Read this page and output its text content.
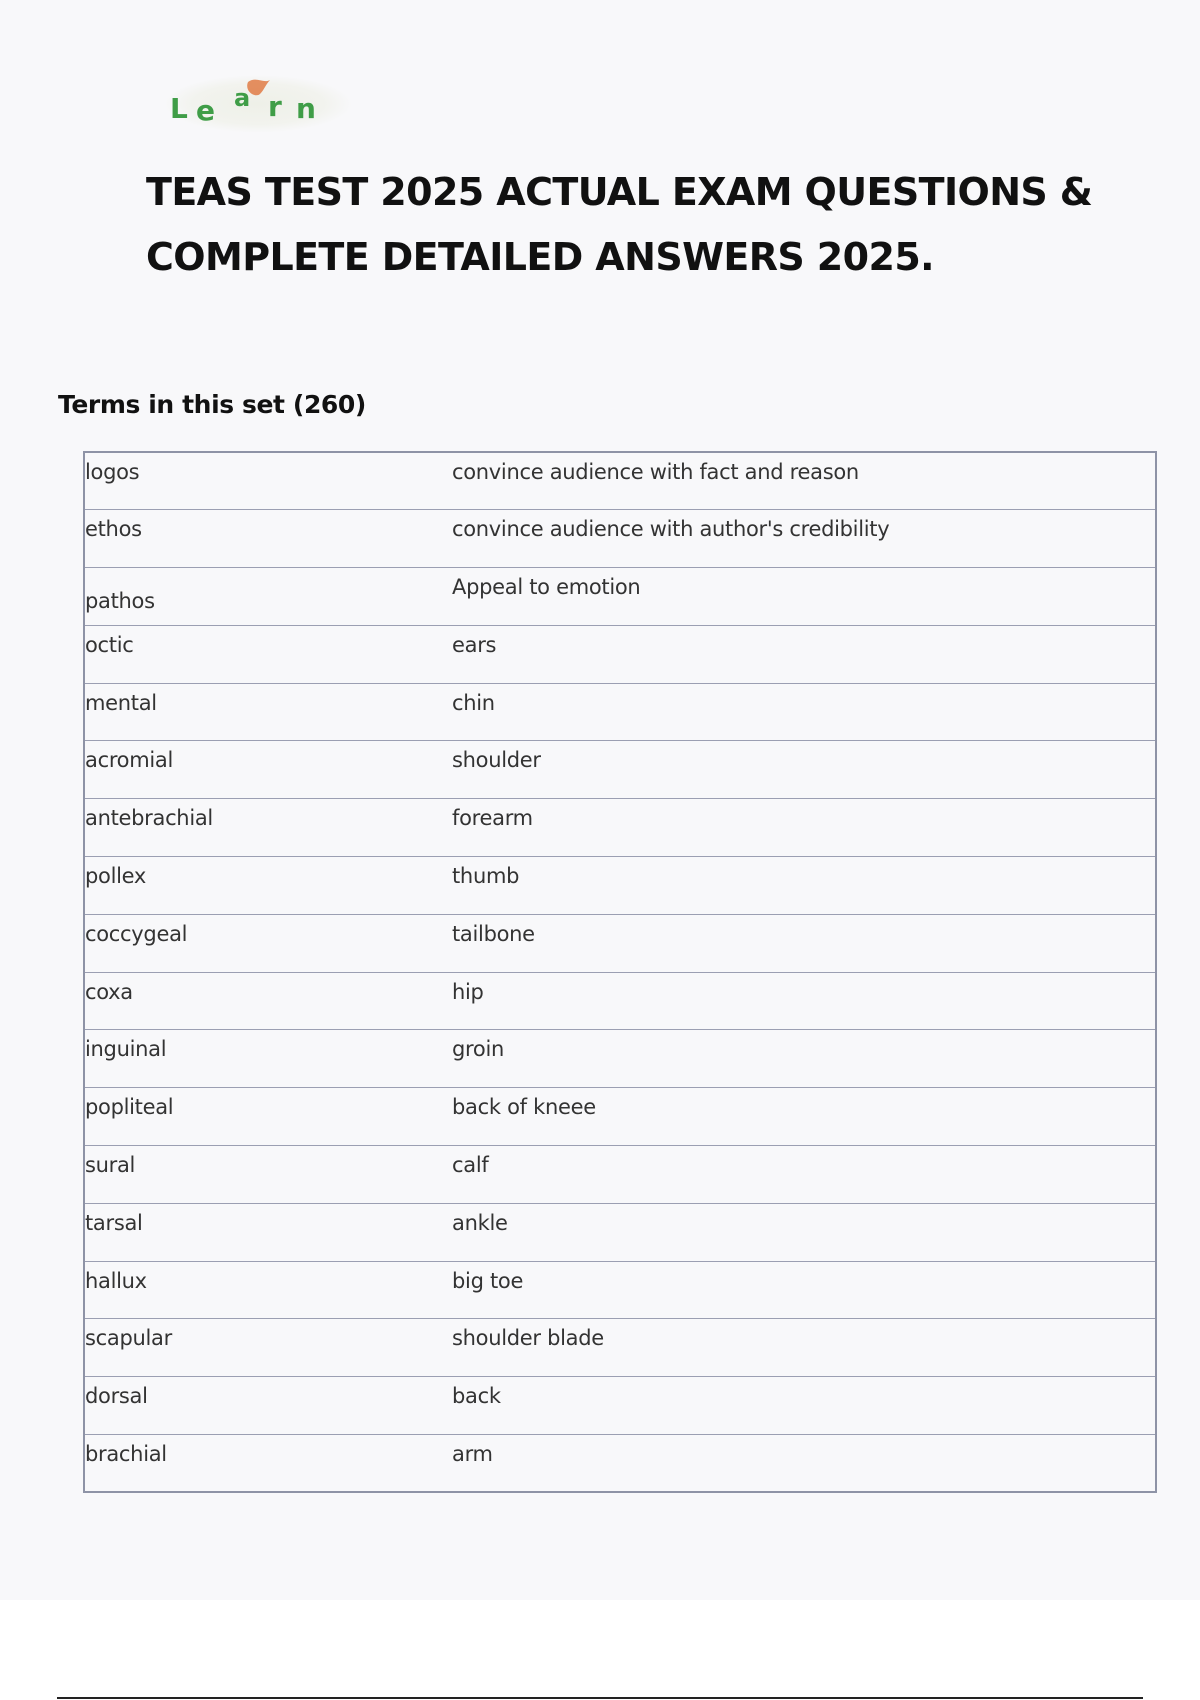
L e a r n
TEAS TEST 2025 ACTUAL EXAM QUESTIONS &
COMPLETE DETAILED ANSWERS 2025.
Terms in this set (260)
logos	convince audience with fact and reason
ethos	convince audience with author's credibility
pathos	Appeal to emotion
octic	ears
mental	chin
acromial	shoulder
antebrachial	forearm
pollex	thumb
coccygeal	tailbone
coxa	hip
inguinal	groin
popliteal	back of kneee
sural	calf
tarsal	ankle
hallux	big toe
scapular	shoulder blade
dorsal	back
brachial	arm
